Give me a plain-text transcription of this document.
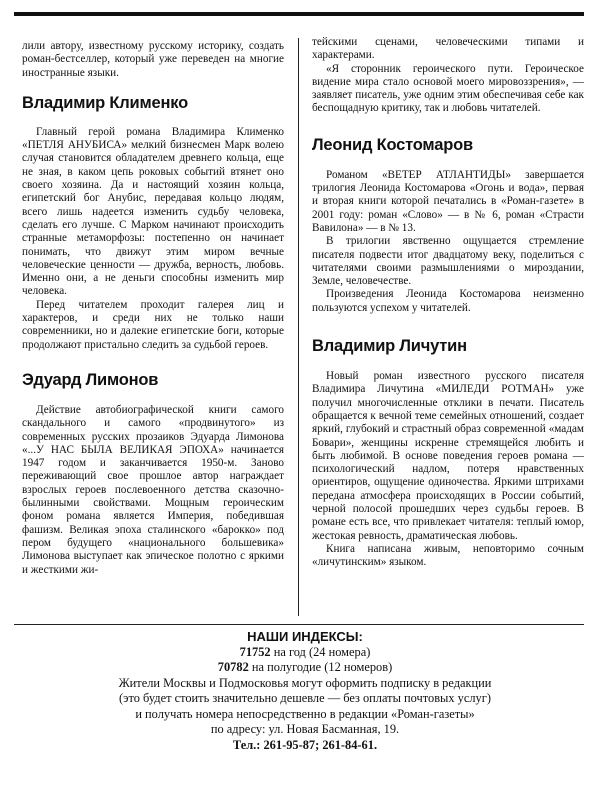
лили автору, известному русскому историку, создать роман-бестселлер, который уже переведен на многие иностранные языки.

Владимир Клименко

Главный герой романа Владимира Клименко «ПЕТЛЯ АНУБИСА» мелкий бизнесмен Марк волею случая становится обладателем древнего кольца, еще не зная, в каком цепь роковых событий втянет оно своего хозяина. Да и настоящий хозяин кольца, египетский бог Анубис, передавая кольцо людям, всего лишь надеется изменить судьбу человека, сделать его лучше. С Марком начинают происходить странные метаморфозы: постепенно он начинает понимать, что движут этим миром вечные человеческие ценности — дружба, верность, любовь. Именно они, а не деньги способны изменить мир человека.

Перед читателем проходит галерея лиц и характеров, и среди них не только наши современники, но и далекие египетские боги, которые продолжают пристально следить за судьбой героев.

Эдуард Лимонов

Действие автобиографической книги самого скандального и самого «продвинутого» из современных русских прозаиков Эдуарда Лимонова «...У НАС БЫЛА ВЕЛИКАЯ ЭПОХА» начинается 1947 годом и заканчивается 1950-м. Заново переживающий свое прошлое автор награждает взрослых героев послевоенного детства сказочно-былинными свойствами. Мощным героическим фоном романа является Империя, победившая фашизм. Великая эпоха сталинского «барокко» под пером будущего «национального большевика» Лимонова выступает как эпическое полотно с яркими и жесткими жи-

тейскими сценами, человеческими типами и характерами.

«Я сторонник героического пути. Героическое видение мира стало основой моего мировоззрения», — заявляет писатель, уже одним этим обеспечивая себе как беспощадную критику, так и любовь читателей.

Леонид Костомаров

Романом «ВЕТЕР АТЛАНТИДЫ» завершается трилогия Леонида Костомарова «Огонь и вода», первая и вторая книги которой печатались в «Роман-газете» в 2001 году: роман «Слово» — в № 6, роман «Страсти Вавилона» — в № 13.

В трилогии явственно ощущается стремление писателя подвести итог двадцатому веку, поделиться с читателями своими размышлениями о мироздании, Земле, человечестве.

Произведения Леонида Костомарова неизменно пользуются успехом у читателей.

Владимир Личутин

Новый роман известного русского писателя Владимира Личутина «МИЛЕДИ РОТМАН» уже получил многочисленные отклики в печати. Писатель обращается к вечной теме семейных отношений, создает яркий, глубокий и страстный образ современной «мадам Бовари», женщины искренне стремящейся любить и быть любимой. В основе поведения героев романа — психологический надлом, потеря нравственных ориентиров, ощущение одиночества. Яркими штрихами передана атмосфера происходящих в России событий, черной полосой прошедших через судьбы героев. В романе есть все, что привлекает читателя: теплый юмор, жестокая ревность, драматическая любовь.

Книга написана живым, неповторимо сочным «личутинским» языком.

НАШИ ИНДЕКСЫ:
71752 на год (24 номера)
70782 на полугодие (12 номеров)
Жители Москвы и Подмосковья могут оформить подписку в редакции
(это будет стоить значительно дешевле — без оплаты почтовых услуг)
и получать номера непосредственно в редакции «Роман-газеты»
по адресу: ул. Новая Басманная, 19.
Тел.: 261-95-87; 261-84-61.
